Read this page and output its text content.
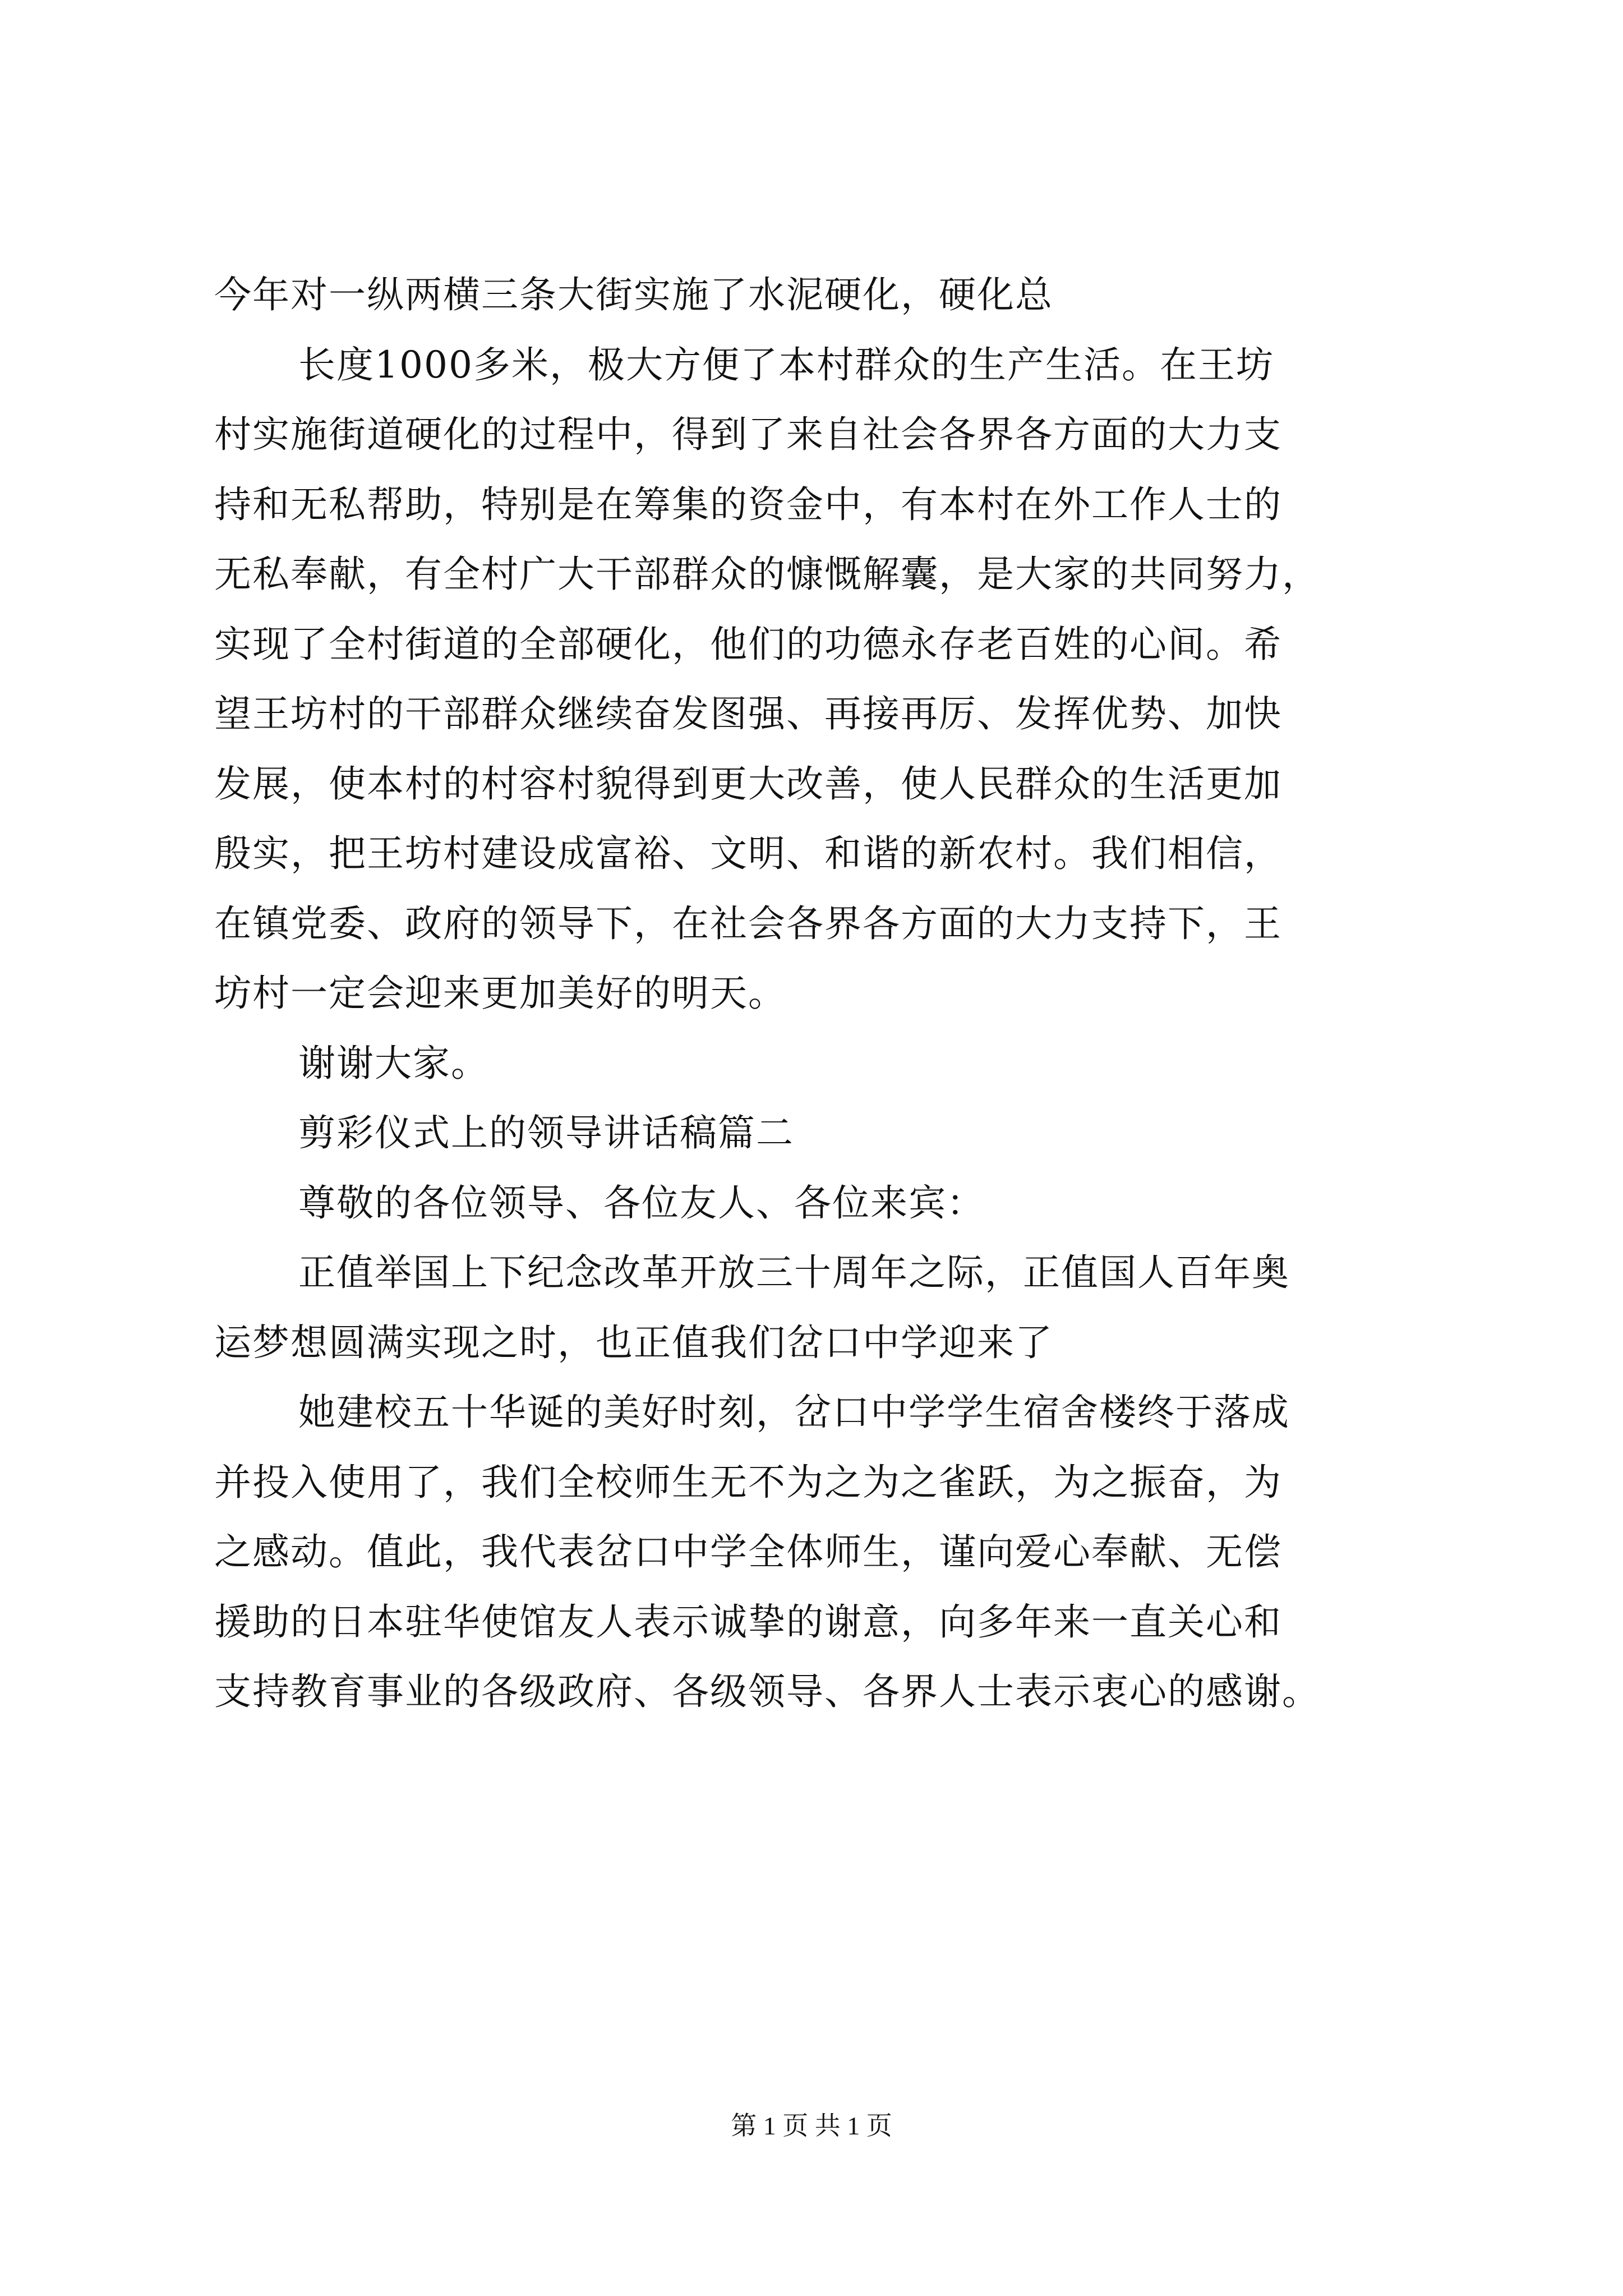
今年对一纵两横三条大街实施了水泥硬化，硬化总
长度1000多米，极大方便了本村群众的生产生活。在王坊
村实施街道硬化的过程中，得到了来自社会各界各方面的大力支
持和无私帮助，特别是在筹集的资金中，有本村在外工作人士的
无私奉献，有全村广大干部群众的慷慨解囊，是大家的共同努力，
实现了全村街道的全部硬化，他们的功德永存老百姓的心间。希
望王坊村的干部群众继续奋发图强、再接再厉、发挥优势、加快
发展，使本村的村容村貌得到更大改善，使人民群众的生活更加
殷实，把王坊村建设成富裕、文明、和谐的新农村。我们相信，
在镇党委、政府的领导下，在社会各界各方面的大力支持下，王
坊村一定会迎来更加美好的明天。
谢谢大家。
剪彩仪式上的领导讲话稿篇二
尊敬的各位领导、各位友人、各位来宾：
正值举国上下纪念改革开放三十周年之际，正值国人百年奥
运梦想圆满实现之时，也正值我们岔口中学迎来了
她建校五十华诞的美好时刻，岔口中学学生宿舍楼终于落成
并投入使用了，我们全校师生无不为之为之雀跃，为之振奋，为
之感动。值此，我代表岔口中学全体师生，谨向爱心奉献、无偿
援助的日本驻华使馆友人表示诚挚的谢意，向多年来一直关心和
支持教育事业的各级政府、各级领导、各界人士表示衷心的感谢。
第 1 页 共 1 页
